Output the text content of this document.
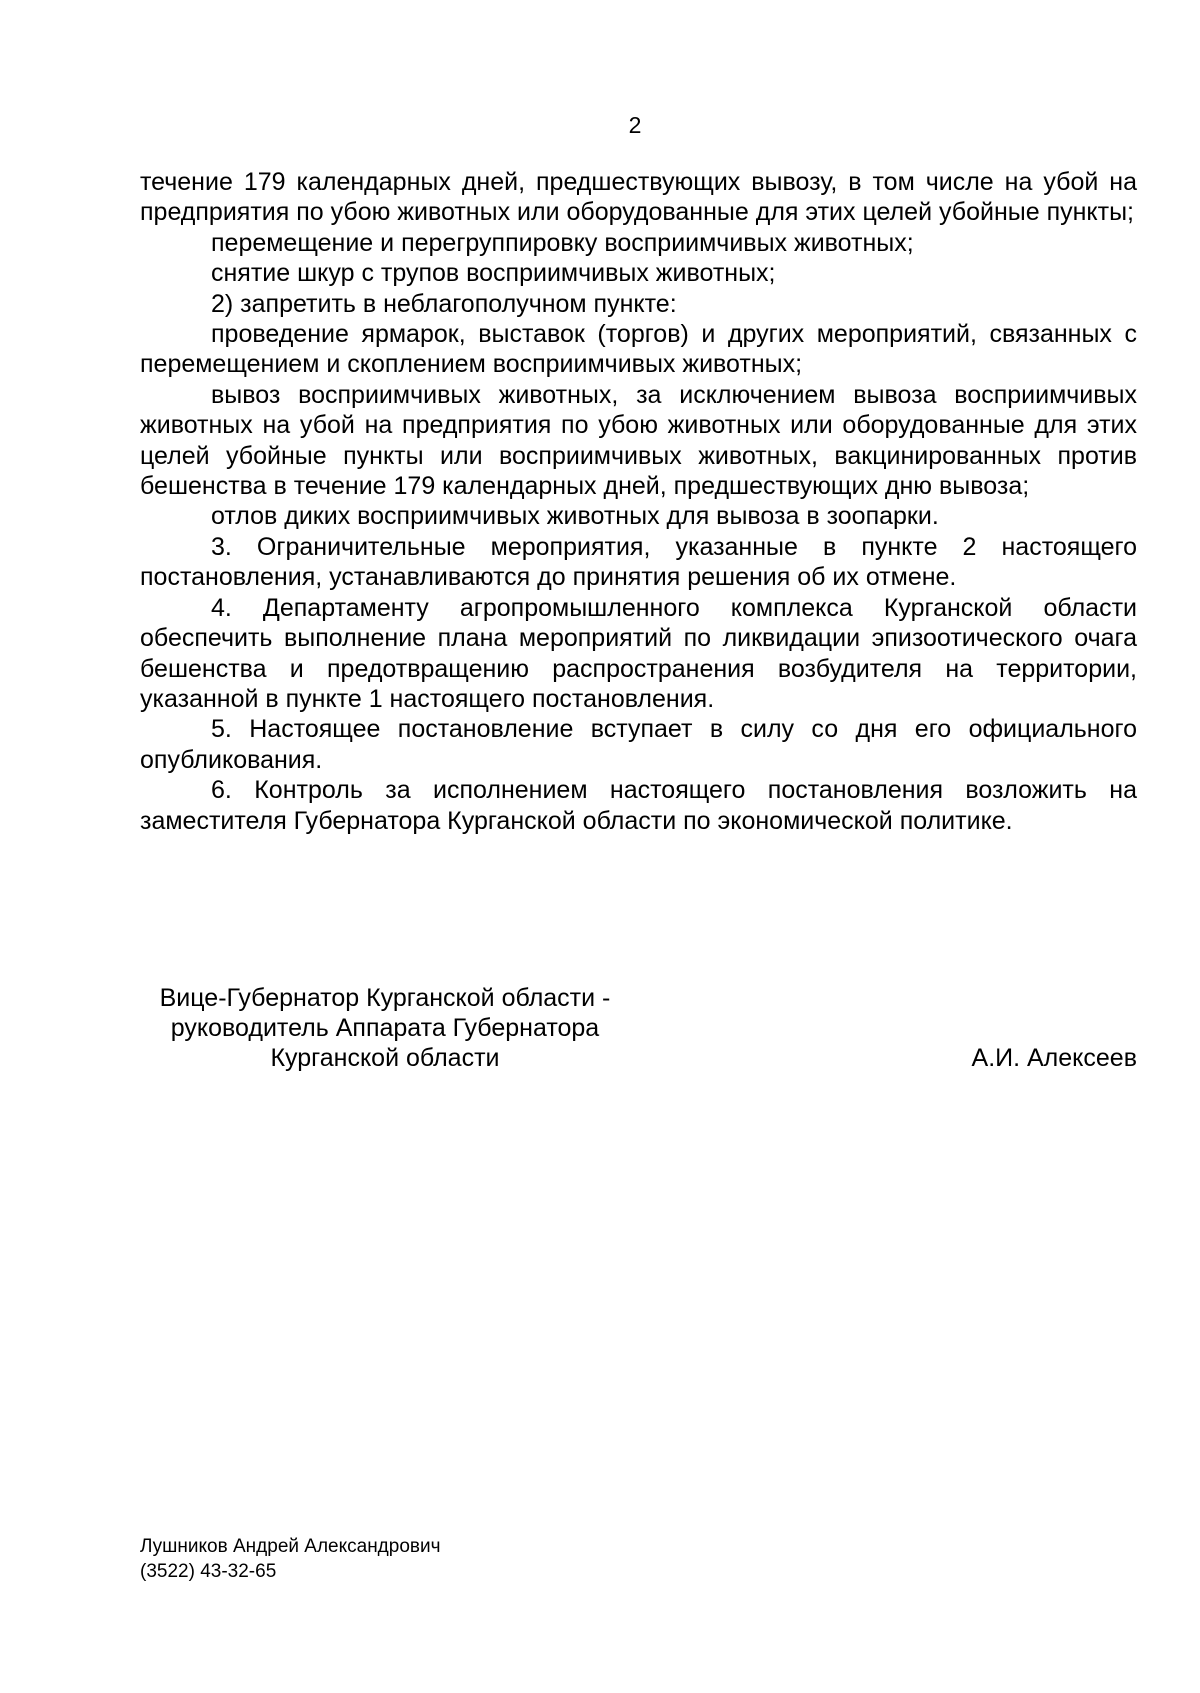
2

течение 179 календарных дней, предшествующих вывозу, в том числе на убой на предприятия по убою животных или оборудованные для этих целей убойные пункты;

перемещение и перегруппировку восприимчивых животных;

снятие шкур с трупов восприимчивых животных;

2) запретить в неблагополучном пункте:

проведение ярмарок, выставок (торгов) и других мероприятий, связанных с перемещением и скоплением восприимчивых животных;

вывоз восприимчивых животных, за исключением вывоза восприимчивых животных на убой на предприятия по убою животных или оборудованные для этих целей убойные пункты или восприимчивых животных, вакцинированных против бешенства в течение 179 календарных дней, предшествующих дню вывоза;

отлов диких восприимчивых животных для вывоза в зоопарки.

3. Ограничительные мероприятия, указанные в пункте 2 настоящего постановления, устанавливаются до принятия решения об их отмене.

4. Департаменту агропромышленного комплекса Курганской области обеспечить выполнение плана мероприятий по ликвидации эпизоотического очага бешенства и предотвращению распространения возбудителя на территории, указанной в пункте 1 настоящего постановления.

5. Настоящее постановление вступает в силу со дня его официального опубликования.

6. Контроль за исполнением настоящего постановления возложить на заместителя Губернатора Курганской области по экономической политике.

Вице-Губернатор Курганской области -
руководитель Аппарата Губернатора
Курганской области	А.И. Алексеев
Лушников Андрей Александрович
(3522) 43-32-65
